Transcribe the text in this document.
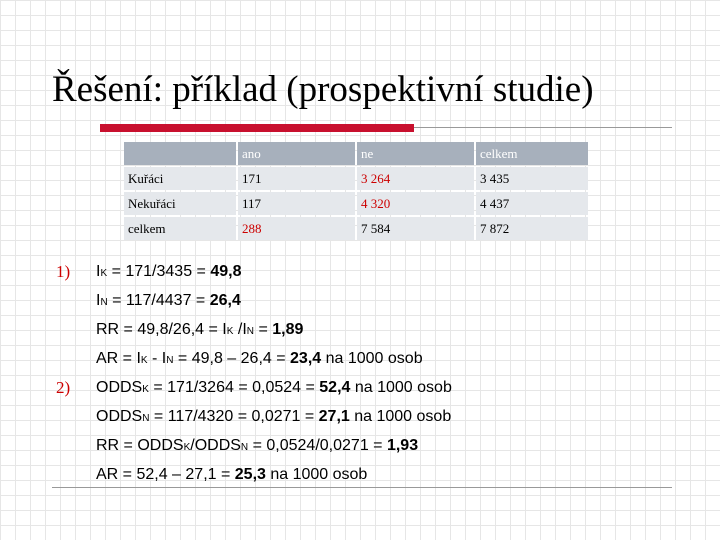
Řešení: příklad (prospektivní studie)
	ano	ne	celkem
Kuřáci	171	3 264	3 435
Nekuřáci	117	4 320	4 437
celkem	288	7 584	7 872
1) IK = 171/3435 = 49,8
IN = 117/4437 = 26,4
RR = 49,8/26,4 = IK /IN = 1,89
AR = IK - IN = 49,8 – 26,4 = 23,4 na 1000 osob
2) ODDSK = 171/3264 = 0,0524 = 52,4 na 1000 osob
ODDSN = 117/4320 = 0,0271 = 27,1 na 1000 osob
RR = ODDSK/ODDSN = 0,0524/0,0271 = 1,93
AR = 52,4 – 27,1 = 25,3 na 1000 osob
